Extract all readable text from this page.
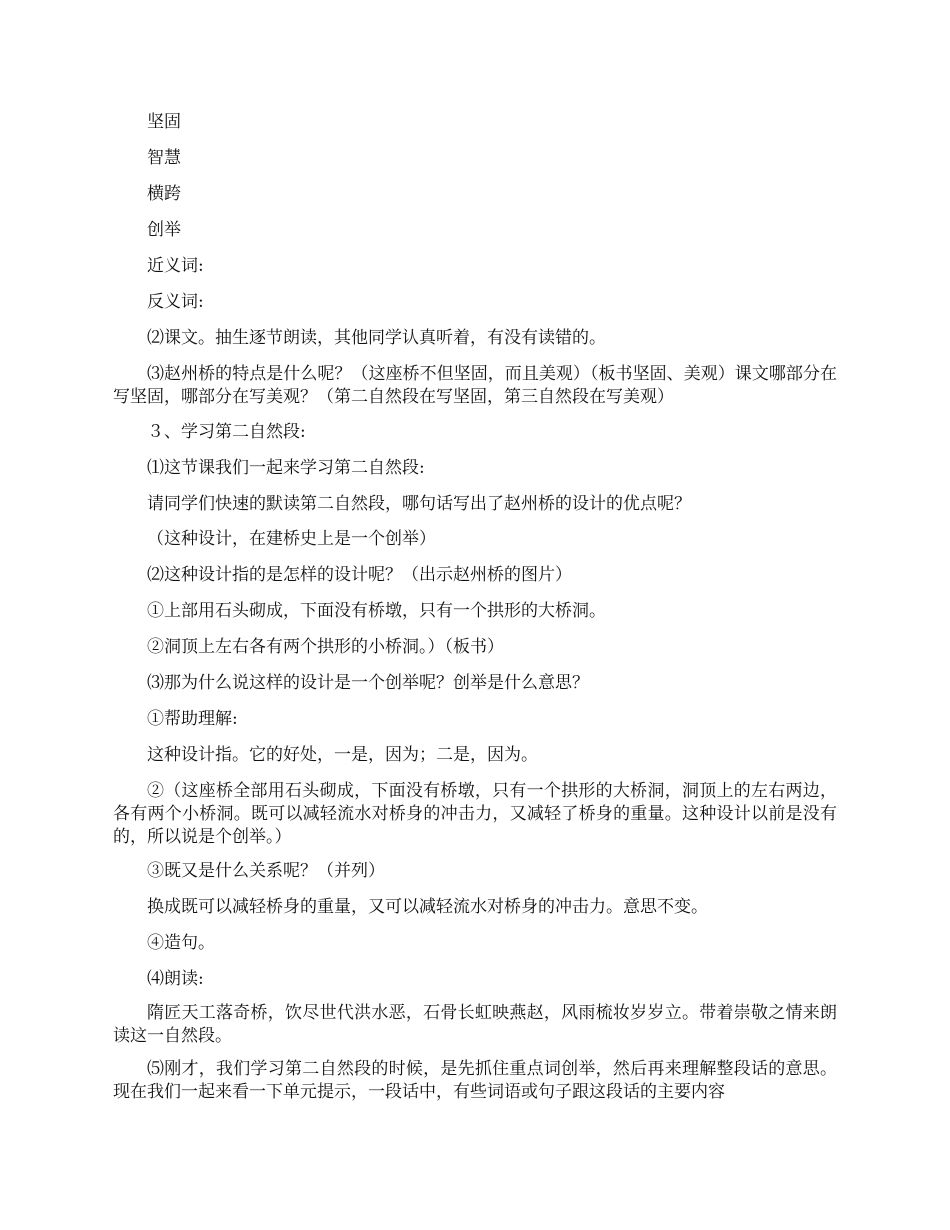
坚固

智慧

横跨

创举

近义词:

反义词:

⑵课文。抽生逐节朗读，其他同学认真听着，有没有读错的。

⑶赵州桥的特点是什么呢？（这座桥不但坚固，而且美观）（板书坚固、美观）课文哪部分在写坚固，哪部分在写美观？（第二自然段在写坚固，第三自然段在写美观）

３、学习第二自然段:

⑴这节课我们一起来学习第二自然段:

请同学们快速的默读第二自然段，哪句话写出了赵州桥的设计的优点呢？

（这种设计，在建桥史上是一个创举）

⑵这种设计指的是怎样的设计呢？（出示赵州桥的图片）

①上部用石头砌成，下面没有桥墩，只有一个拱形的大桥洞。

②洞顶上左右各有两个拱形的小桥洞。）（板书）

⑶那为什么说这样的设计是一个创举呢？创举是什么意思？

①帮助理解:

这种设计指。它的好处，一是，因为；二是，因为。

②（这座桥全部用石头砌成，下面没有桥墩，只有一个拱形的大桥洞，洞顶上的左右两边，各有两个小桥洞。既可以减轻流水对桥身的冲击力，又减轻了桥身的重量。这种设计以前是没有的，所以说是个创举。）

③既又是什么关系呢？（并列）

换成既可以减轻桥身的重量，又可以减轻流水对桥身的冲击力。意思不变。

④造句。

⑷朗读:

隋匠天工落奇桥，饮尽世代洪水恶，石骨长虹映燕赵，风雨梳妆岁岁立。带着崇敬之情来朗读这一自然段。

⑸刚才，我们学习第二自然段的时候，是先抓住重点词创举，然后再来理解整段话的意思。现在我们一起来看一下单元提示，一段话中，有些词语或句子跟这段话的主要内容
